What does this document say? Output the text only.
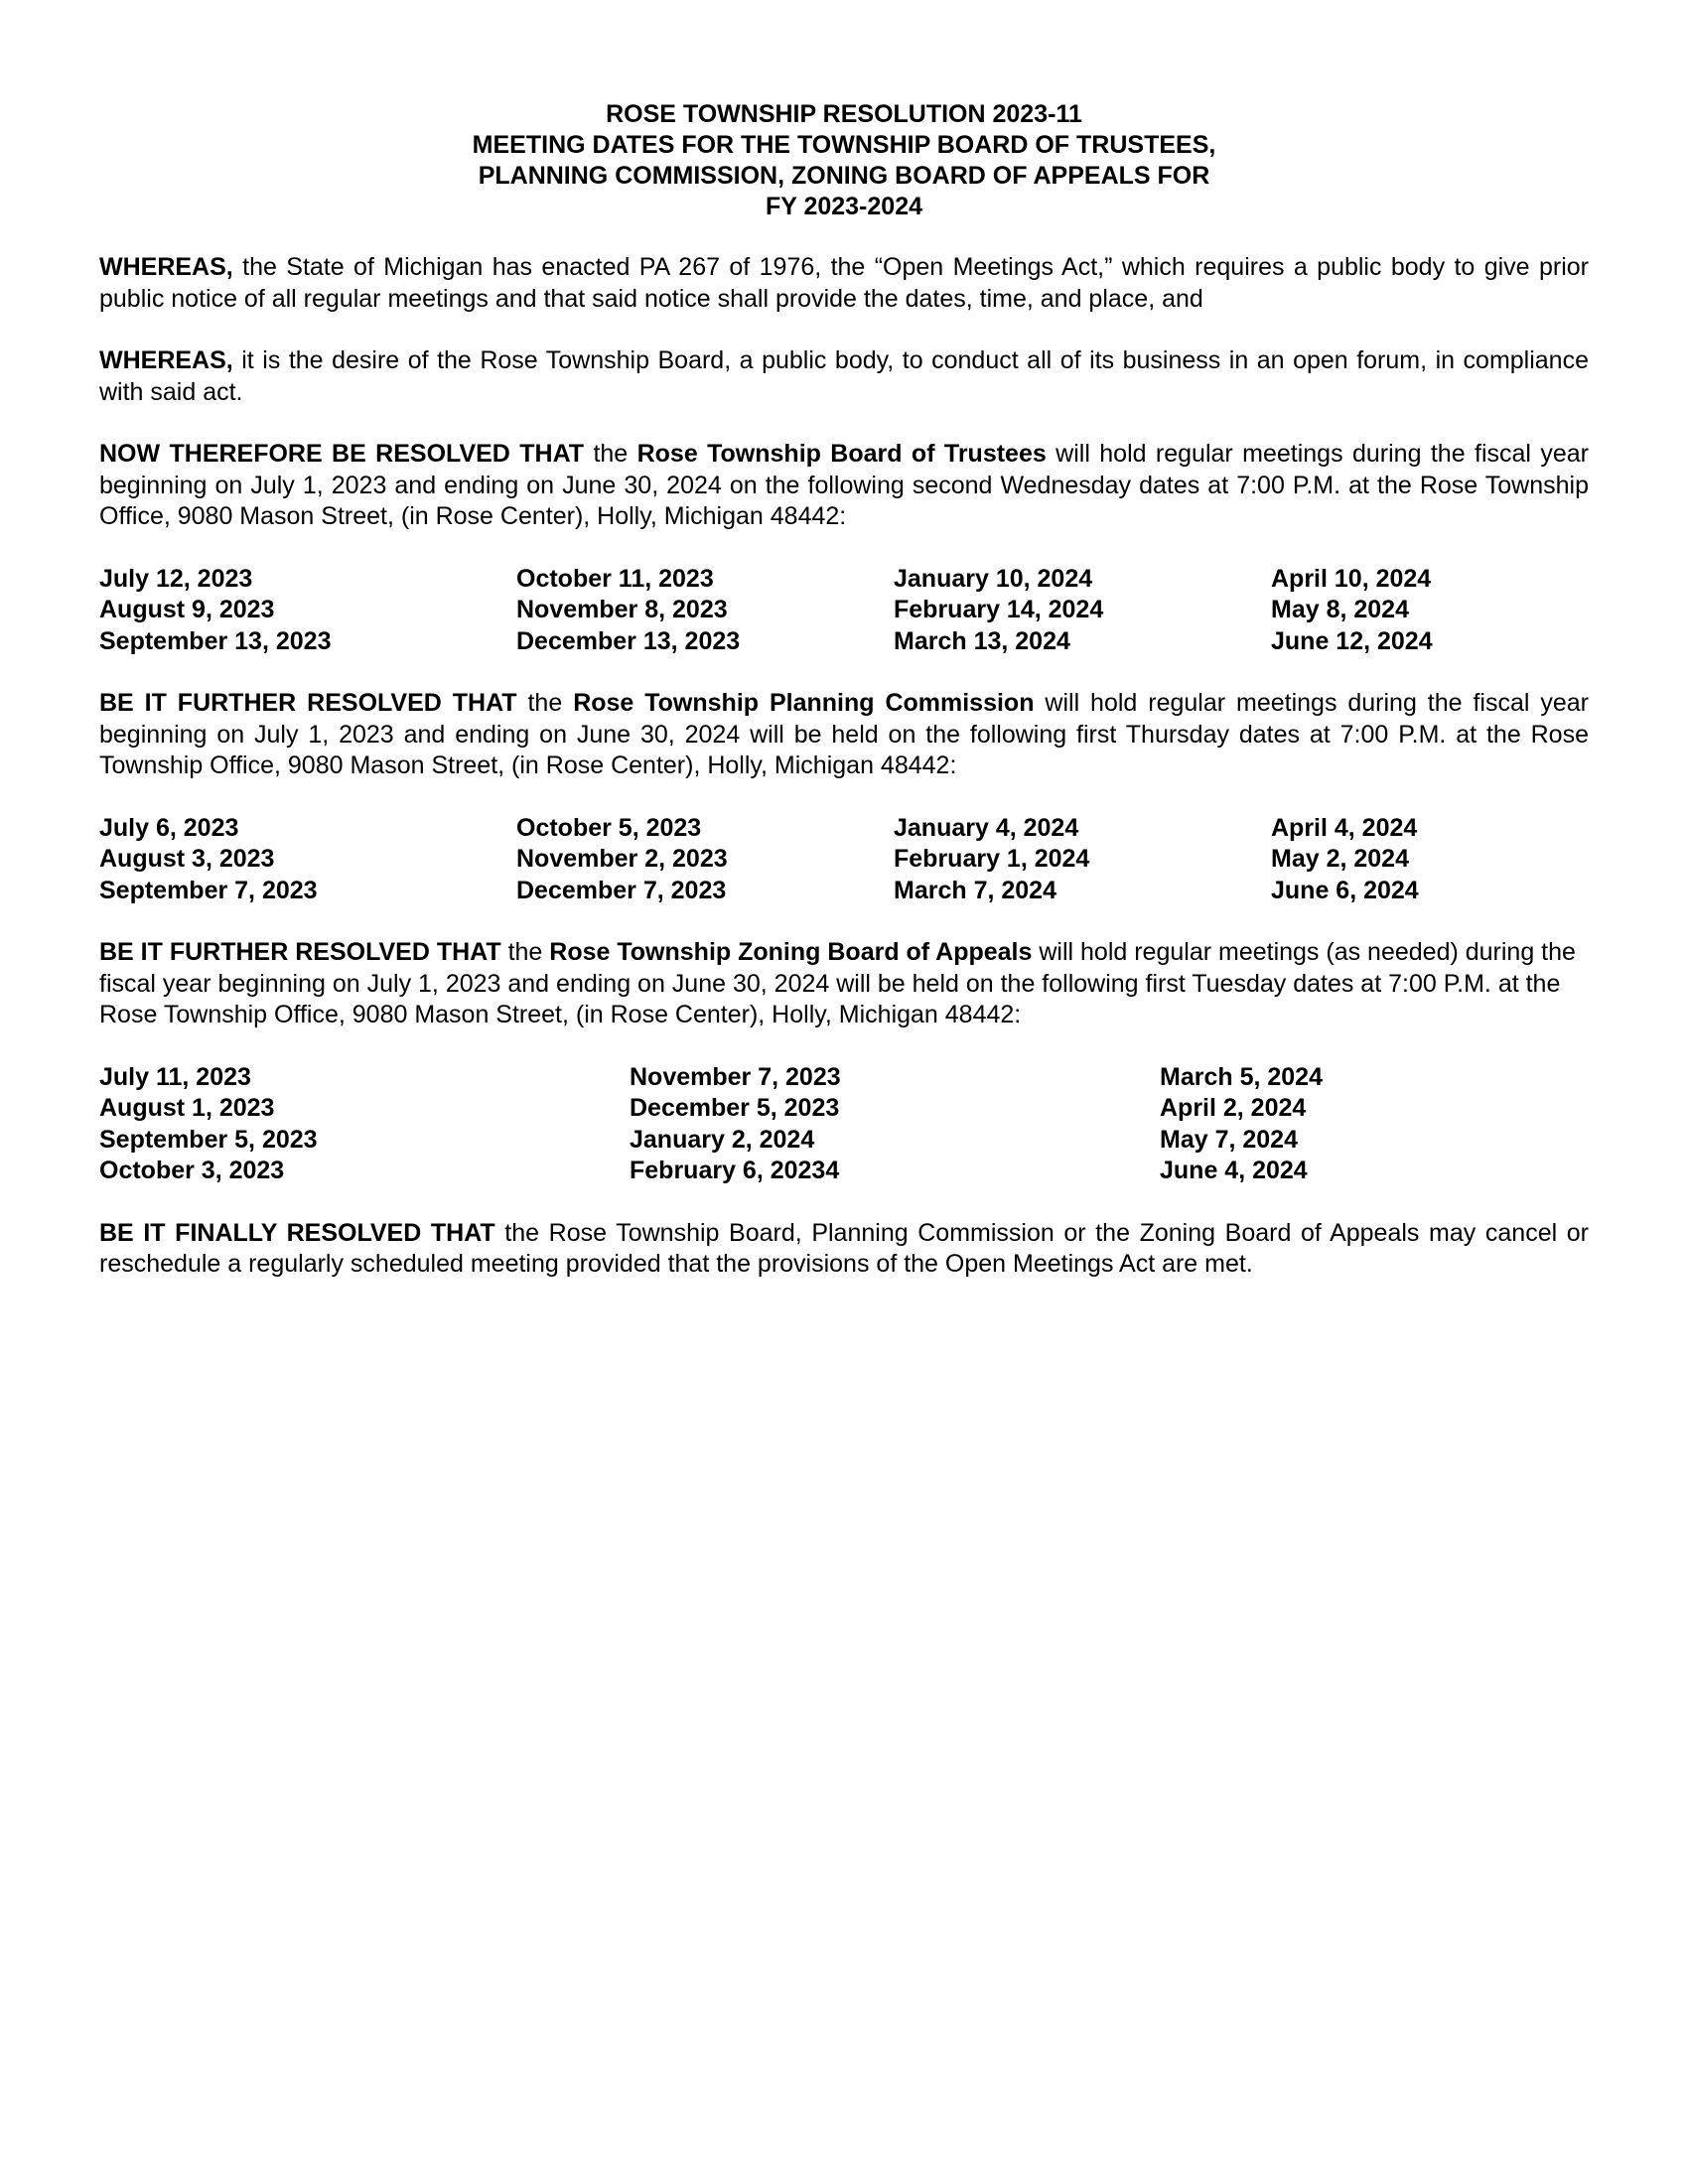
ROSE TOWNSHIP RESOLUTION 2023-11
MEETING DATES FOR THE TOWNSHIP BOARD OF TRUSTEES,
PLANNING COMMISSION, ZONING BOARD OF APPEALS FOR
FY 2023-2024

WHEREAS, the State of Michigan has enacted PA 267 of 1976, the “Open Meetings Act,” which requires a public body to give prior public notice of all regular meetings and that said notice shall provide the dates, time, and place, and

WHEREAS, it is the desire of the Rose Township Board, a public body, to conduct all of its business in an open forum, in compliance with said act.

NOW THEREFORE BE RESOLVED THAT the Rose Township Board of Trustees will hold regular meetings during the fiscal year beginning on July 1, 2023 and ending on June 30, 2024 on the following second Wednesday dates at 7:00 P.M. at the Rose Township Office, 9080 Mason Street, (in Rose Center), Holly, Michigan 48442:

July 12, 2023	October 11, 2023	January 10, 2024	April 10, 2024
August 9, 2023	November 8, 2023	February 14, 2024	May 8, 2024
September 13, 2023	December 13, 2023	March 13, 2024	June 12, 2024

BE IT FURTHER RESOLVED THAT the Rose Township Planning Commission will hold regular meetings during the fiscal year beginning on July 1, 2023 and ending on June 30, 2024 will be held on the following first Thursday dates at 7:00 P.M. at the Rose Township Office, 9080 Mason Street, (in Rose Center), Holly, Michigan 48442:

July 6, 2023	October 5, 2023	January 4, 2024	April 4, 2024
August 3, 2023	November 2, 2023	February 1, 2024	May 2, 2024
September 7, 2023	December 7, 2023	March 7, 2024	June 6, 2024

BE IT FURTHER RESOLVED THAT the Rose Township Zoning Board of Appeals will hold regular meetings (as needed) during the fiscal year beginning on July 1, 2023 and ending on June 30, 2024 will be held on the following first Tuesday dates at 7:00 P.M. at the Rose Township Office, 9080 Mason Street, (in Rose Center), Holly, Michigan 48442:

July 11, 2023	November 7, 2023	March 5, 2024
August 1, 2023	December 5, 2023	April 2, 2024
September 5, 2023	January 2, 2024	May 7, 2024
October 3, 2023	February 6, 20234	June 4, 2024

BE IT FINALLY RESOLVED THAT the Rose Township Board, Planning Commission or the Zoning Board of Appeals may cancel or reschedule a regularly scheduled meeting provided that the provisions of the Open Meetings Act are met.
